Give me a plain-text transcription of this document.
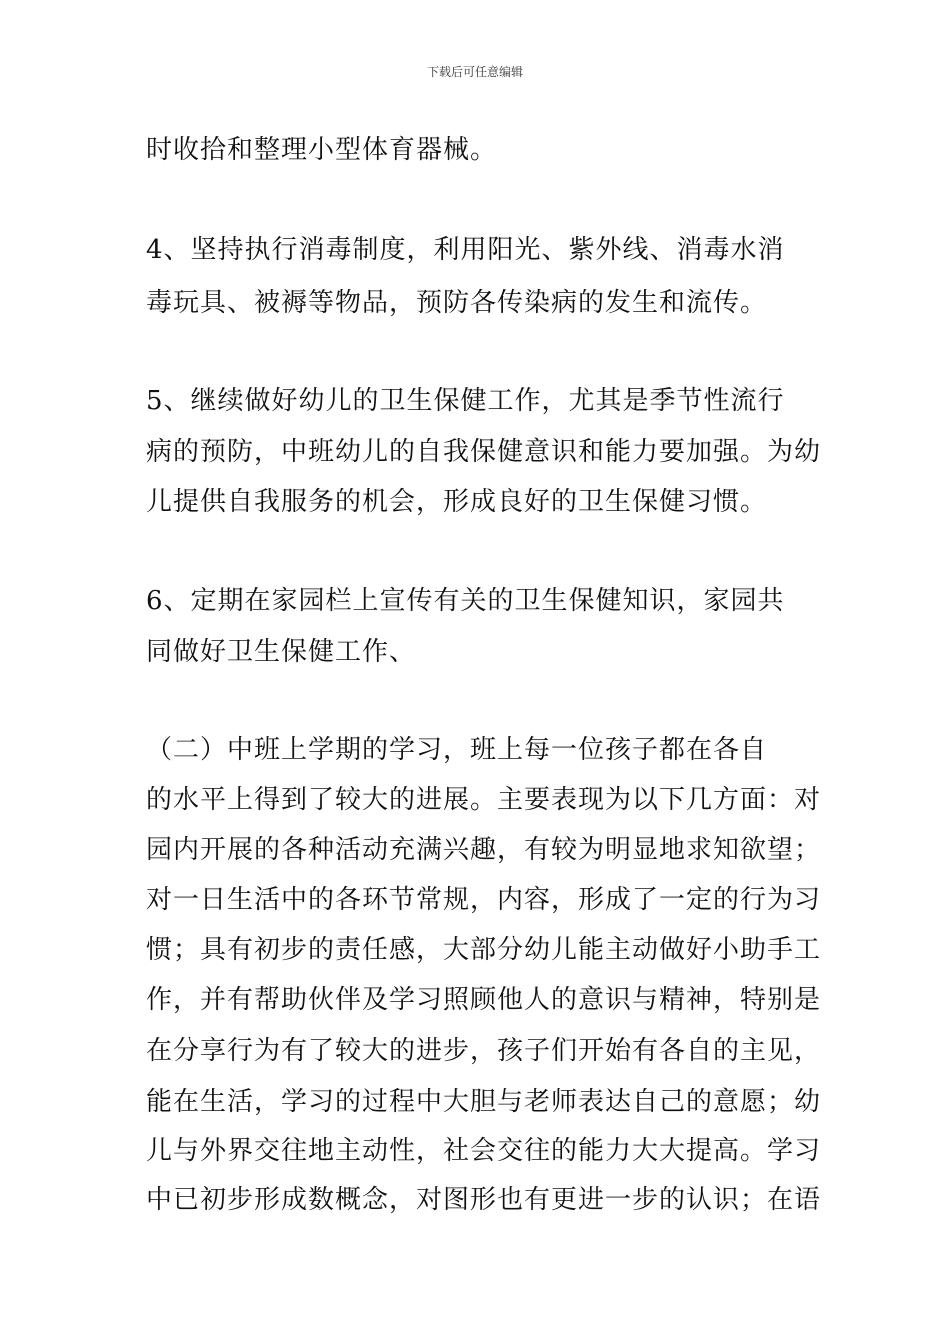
下载后可任意编辑
时收拾和整理小型体育器械。
4、坚持执行消毒制度，利用阳光、紫外线、消毒水消
毒玩具、被褥等物品，预防各传染病的发生和流传。
5、继续做好幼儿的卫生保健工作，尤其是季节性流行
病的预防，中班幼儿的自我保健意识和能力要加强。为幼
儿提供自我服务的机会，形成良好的卫生保健习惯。
6、定期在家园栏上宣传有关的卫生保健知识，家园共
同做好卫生保健工作、
（二）中班上学期的学习，班上每一位孩子都在各自
的水平上得到了较大的进展。主要表现为以下几方面：对
园内开展的各种活动充满兴趣，有较为明显地求知欲望；
对一日生活中的各环节常规，内容，形成了一定的行为习
惯；具有初步的责任感，大部分幼儿能主动做好小助手工
作，并有帮助伙伴及学习照顾他人的意识与精神，特别是
在分享行为有了较大的进步，孩子们开始有各自的主见，
能在生活，学习的过程中大胆与老师表达自己的意愿；幼
儿与外界交往地主动性，社会交往的能力大大提高。学习
中已初步形成数概念，对图形也有更进一步的认识；在语
